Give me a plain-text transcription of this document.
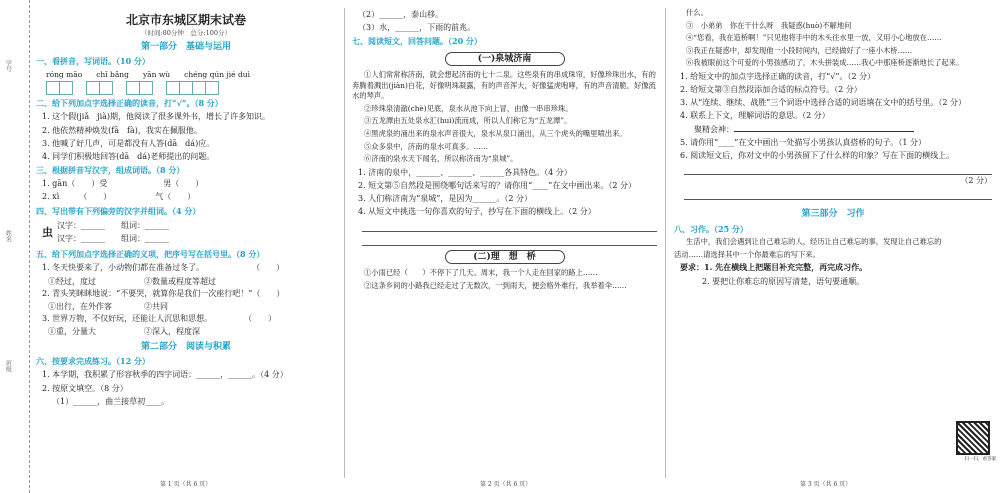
学号
姓名
班级
北京市东城区期末试卷
（时间:80分钟　总分:100分）
第一部分　基础与运用
一、看拼音，写词语。（10 分）
róng māo chǐ bǎng yān wù chéng qún jié duì
二、给下列加点字选择正确的读音，打“√”。（8 分）
1. 这个假(jiǎ　jià)期，他阅读了很多课外书，增长了许多知识。
2. 他依然精神焕发(fā　fà)，我实在佩服他。
3. 他喊了好几声，可是都没有人答(dā　dá)应。
4. 同学们积极地回答(dā　dá)老师提出的问题。
三、根据拼音写汉字，组成词语。（8 分）
1. gān（　　）受　　　　　　　男（　　）
2. xì　　　（　　）　　　　　　气（　　）
四、写出带有下列偏旁的汉字并组词。（4 分）
虫
汉字：______　　组词：______
汉字：______　　组词：______
五、给下列加点字选择正确的义项，把序号写在括号里。（8 分）
1. 冬天快要来了，小动物们都在准备过冬了。　　　　　　　（　　）
①经过，度过　　　　　　②数量或程度等超过
2. 青头笑眯眯地说：“不要哭，就算你是我们一次座行吧！”（　　）
①出行，在外作客　　　　②共同
3. 世界万物，不仅好玩，还能让人沉思和思想。　　　　　（　　）
①重，分量大　　　　　　②深入，程度深
第二部分　阅读与积累
六、按要求完成练习。（12 分）
1. 本学期，我积累了形容秋季的四字词语：______，______。（4 分）
2. 按原文填空。（8 分）
（1）______，曲兰接草初____。
第 1 页（共 6 页）
（2）______，泰山移。
（3）水，______，下雨的前兆。
七、阅读短文，回答问题。（20 分）
(一)泉城济南
①人们常常称济南，就会想起济南的七十二泉。这些泉有的串成珠帘，好像珍珠出水，有的奔腾着溅出(jiàn)白花，好像明珠凝露，有的声音浑大，好像猛虎咆哮，有的声音清脆，好像流水的琴声。
②珍珠泉清澈(chè)见底，泉水从池下向上冒，由像一串串珍珠。
③五龙潭由五处泉水汇(huì)流而成，所以人们称它为“五龙潭”。
④黑虎泉的涌出来的泉水声音很大，泉水从泉口涌出，从三个虎头的嘴里喷出来。
⑤众多泉中，济南的泉水可真多。……
⑥济南的泉水天下闻名，所以称济南为“泉城”。
1. 济南的泉中，______、______、______各具特色。（4 分）
2. 短文第⑤自然段是围绕哪句话来写的？请你用“____”在文中画出来。（2 分）
3. 人们称济南为“泉城”，是因为______。（2 分）
4. 从短文中挑选一句你喜欢的句子，抄写在下面的横线上。（2 分）
(二)理　想　桥
①小雨已经（　　）不停下了几天。周末，我一个人走在回家的路上……
②这条乡间的小路我已经走过了无数次，一到雨天，便会格外难行，我举着伞……
第 2 页（共 6 页）
什么。
③　小弟弟　你在干什么呀　我疑惑(huò)不解地问
④“您看，我在造桥啊！”只见他将手中的木头往水里一放，又用小心地放在……
⑤我正在疑惑中，却发现他一小段时间内，已经做好了一座小木桥……
⑥我被眼前这个可爱的小男孩感动了，木头拼装成……我心中那座桥逐渐地长了起来。
1. 给短文中的加点字选择正确的读音，打“√”。（2 分）
2. 给短文第③自然段添加合适的标点符号。（2 分）
3. 从“连续、继续、战胜”三个词语中选择合适的词语填在文中的括号里。（2 分）
4. 联系上下文，理解词语的意思。（2 分）
聚精会神：
5. 请你用“____”在文中画出一处描写小男孩认真搭桥的句子。（1 分）
6. 阅读短文后，你对文中的小男孩留下了什么样的印象？写在下面的横线上。
（2 分）
第三部分　习作
八、习作。（25 分）
生活中，我们会遇到让自己难忘的人，经历让自己难忘的事，发现让自己难忘的
活动……请选择其中一个你最难忘的写下来。
要求：1. 先在横线上把题目补充完整，再完成习作。
2. 要把让你难忘的原因写清楚，语句要通顺。
扫一扫，看答案
第 3 页（共 6 页）
